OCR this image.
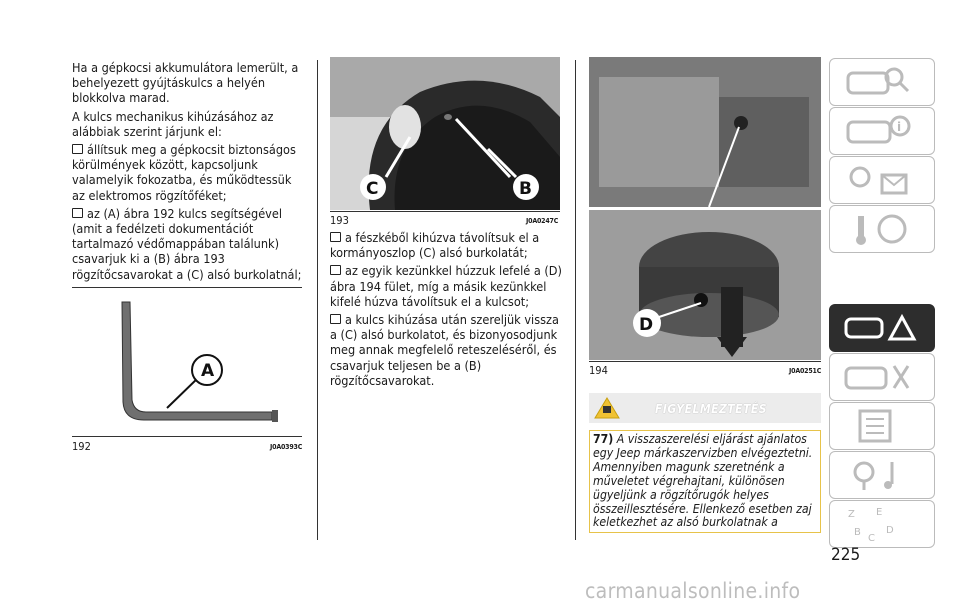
Ha a gépkocsi akkumulátora lemerült, a behelyezett gyújtáskulcs a helyén blokkolva marad.

A kulcs mechanikus kihúzásához az alábbiak szerint járjunk el:

állítsuk meg a gépkocsit biztonságos körülmények között, kapcsoljunk valamelyik fokozatba, és működtessük az elektromos rögzítőféket;

az (A) ábra 192 kulcs segítségével (amit a fedélzeti dokumentációt tartalmazó védőmappában találunk) csavarjuk ki a (B) ábra 193 rögzítőcsavarokat a (C) alsó burkolatnál;

A
192	J0A0393C
C	B
193	J0A0247C

a fészkéből kihúzva távolítsuk el a kormányoszlop (C) alsó burkolatát;

az egyik kezünkkel húzzuk lefelé a (D) ábra 194 fület, míg a másik kezünkkel kifelé húzva távolítsuk el a kulcsot;

a kulcs kihúzása után szereljük vissza a (C) alsó burkolatot, és bizonyosodjunk meg annak megfelelő reteszeléséről, és csavarjuk teljesen be a (B) rögzítőcsavarokat.

D
194	J0A0251C
FIGYELMEZTETÉS
77) A visszaszerelési eljárást ajánlatos egy Jeep márkaszervizben elvégeztetni. Amennyiben magunk szeretnénk a műveletet végrehajtani, különösen ügyeljünk a rögzítőrugók helyes összeillesztésére. Ellenkező esetben zaj keletkezhet az alsó burkolatnak a
i
Z E
B
C
D
225
carmanualsonline.info
